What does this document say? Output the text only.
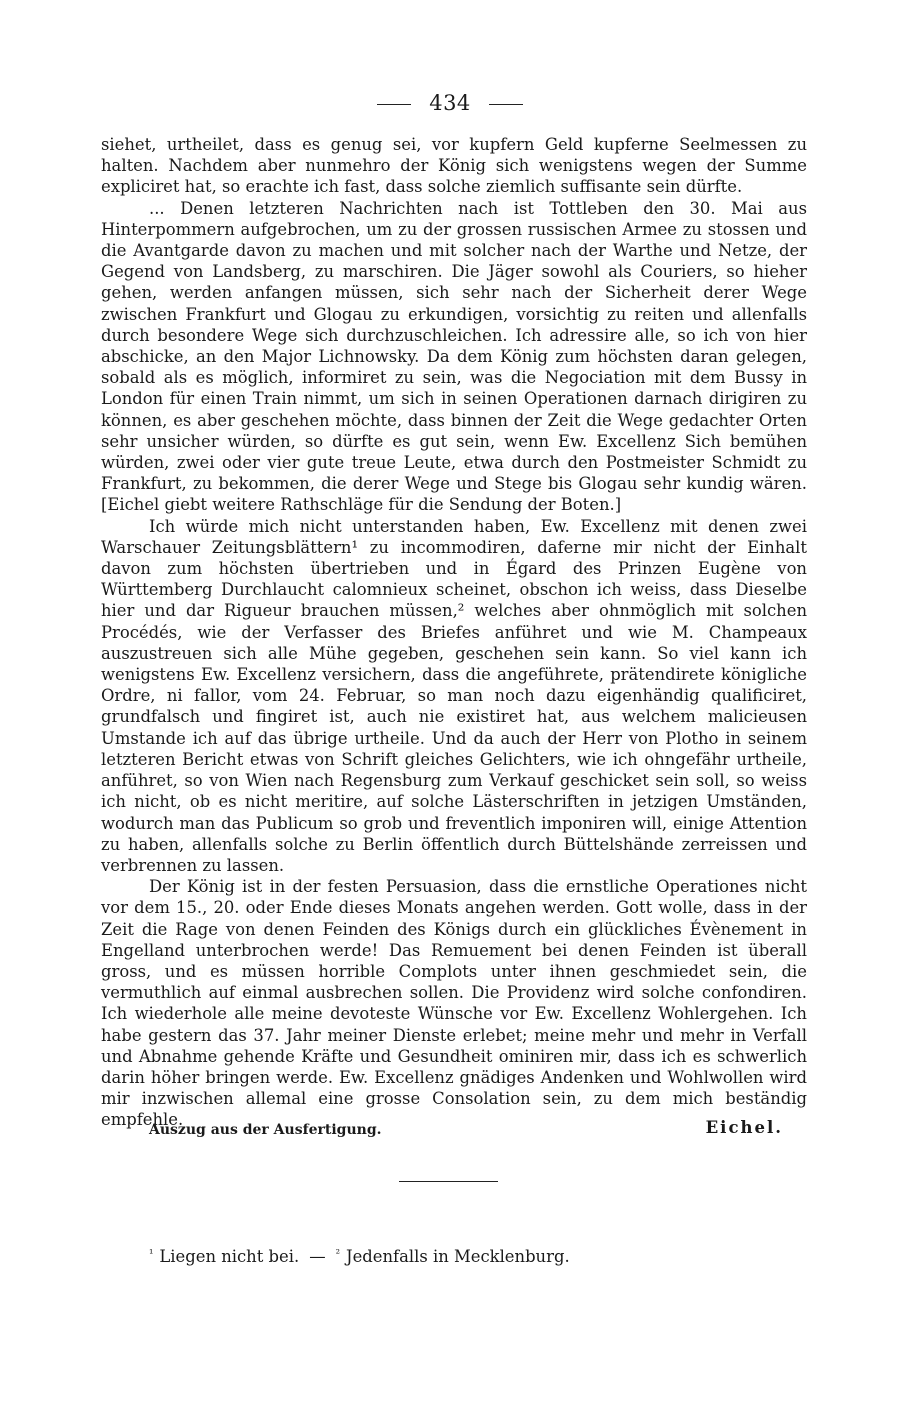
434

siehet, urtheilet, dass es genug sei, vor kupfern Geld kupferne Seelmessen zu halten. Nachdem aber nunmehro der König sich wenigstens wegen der Summe expliciret hat, so erachte ich fast, dass solche ziemlich suffisante sein dürfte.

... Denen letzteren Nachrichten nach ist Tottleben den 30. Mai aus Hinterpommern aufgebrochen, um zu der grossen russischen Armee zu stossen und die Avantgarde davon zu machen und mit solcher nach der Warthe und Netze, der Gegend von Landsberg, zu marschiren. Die Jäger sowohl als Couriers, so hieher gehen, werden anfangen müssen, sich sehr nach der Sicherheit derer Wege zwischen Frankfurt und Glogau zu erkundigen, vorsichtig zu reiten und allenfalls durch besondere Wege sich durchzuschleichen. Ich adressire alle, so ich von hier abschicke, an den Major Lichnowsky. Da dem König zum höchsten daran gelegen, sobald als es möglich, informiret zu sein, was die Negociation mit dem Bussy in London für einen Train nimmt, um sich in seinen Operationen darnach dirigiren zu können, es aber geschehen möchte, dass binnen der Zeit die Wege gedachter Orten sehr unsicher würden, so dürfte es gut sein, wenn Ew. Excellenz Sich bemühen würden, zwei oder vier gute treue Leute, etwa durch den Postmeister Schmidt zu Frankfurt, zu bekommen, die derer Wege und Stege bis Glogau sehr kundig wären. [Eichel giebt weitere Rathschläge für die Sendung der Boten.]

Ich würde mich nicht unterstanden haben, Ew. Excellenz mit denen zwei Warschauer Zeitungsblättern¹ zu incommodiren, daferne mir nicht der Einhalt davon zum höchsten übertrieben und in Égard des Prinzen Eugène von Württemberg Durchlaucht calomnieux scheinet, obschon ich weiss, dass Dieselbe hier und dar Rigueur brauchen müssen,² welches aber ohnmöglich mit solchen Procédés, wie der Verfasser des Briefes anführet und wie M. Champeaux auszustreuen sich alle Mühe gegeben, geschehen sein kann. So viel kann ich wenigstens Ew. Excellenz versichern, dass die angeführete, prätendirete königliche Ordre, ni fallor, vom 24. Februar, so man noch dazu eigenhändig qualificiret, grundfalsch und fingiret ist, auch nie existiret hat, aus welchem malicieusen Umstande ich auf das übrige urtheile. Und da auch der Herr von Plotho in seinem letzteren Bericht etwas von Schrift gleiches Gelichters, wie ich ohngefähr urtheile, anführet, so von Wien nach Regensburg zum Verkauf geschicket sein soll, so weiss ich nicht, ob es nicht meritire, auf solche Lästerschriften in jetzigen Umständen, wodurch man das Publicum so grob und freventlich imponiren will, einige Attention zu haben, allenfalls solche zu Berlin öffentlich durch Büttelshände zerreissen und verbrennen zu lassen.

Der König ist in der festen Persuasion, dass die ernstliche Operationes nicht vor dem 15., 20. oder Ende dieses Monats angehen werden. Gott wolle, dass in der Zeit die Rage von denen Feinden des Königs durch ein glückliches Évènement in Engelland unterbrochen werde! Das Remuement bei denen Feinden ist überall gross, und es müssen horrible Complots unter ihnen geschmiedet sein, die vermuthlich auf einmal ausbrechen sollen. Die Providenz wird solche confondiren. Ich wiederhole alle meine devoteste Wünsche vor Ew. Excellenz Wohlergehen. Ich habe gestern das 37. Jahr meiner Dienste erlebet; meine mehr und mehr in Verfall und Abnahme gehende Kräfte und Gesundheit ominiren mir, dass ich es schwerlich darin höher bringen werde. Ew. Excellenz gnädiges Andenken und Wohlwollen wird mir inzwischen allemal eine grosse Consolation sein, zu dem mich beständig empfehle.

Auszug aus der Ausfertigung.	Eichel.
$^{^1}$ Liegen nicht bei. — $^{^2}$ Jedenfalls in Mecklenburg.
